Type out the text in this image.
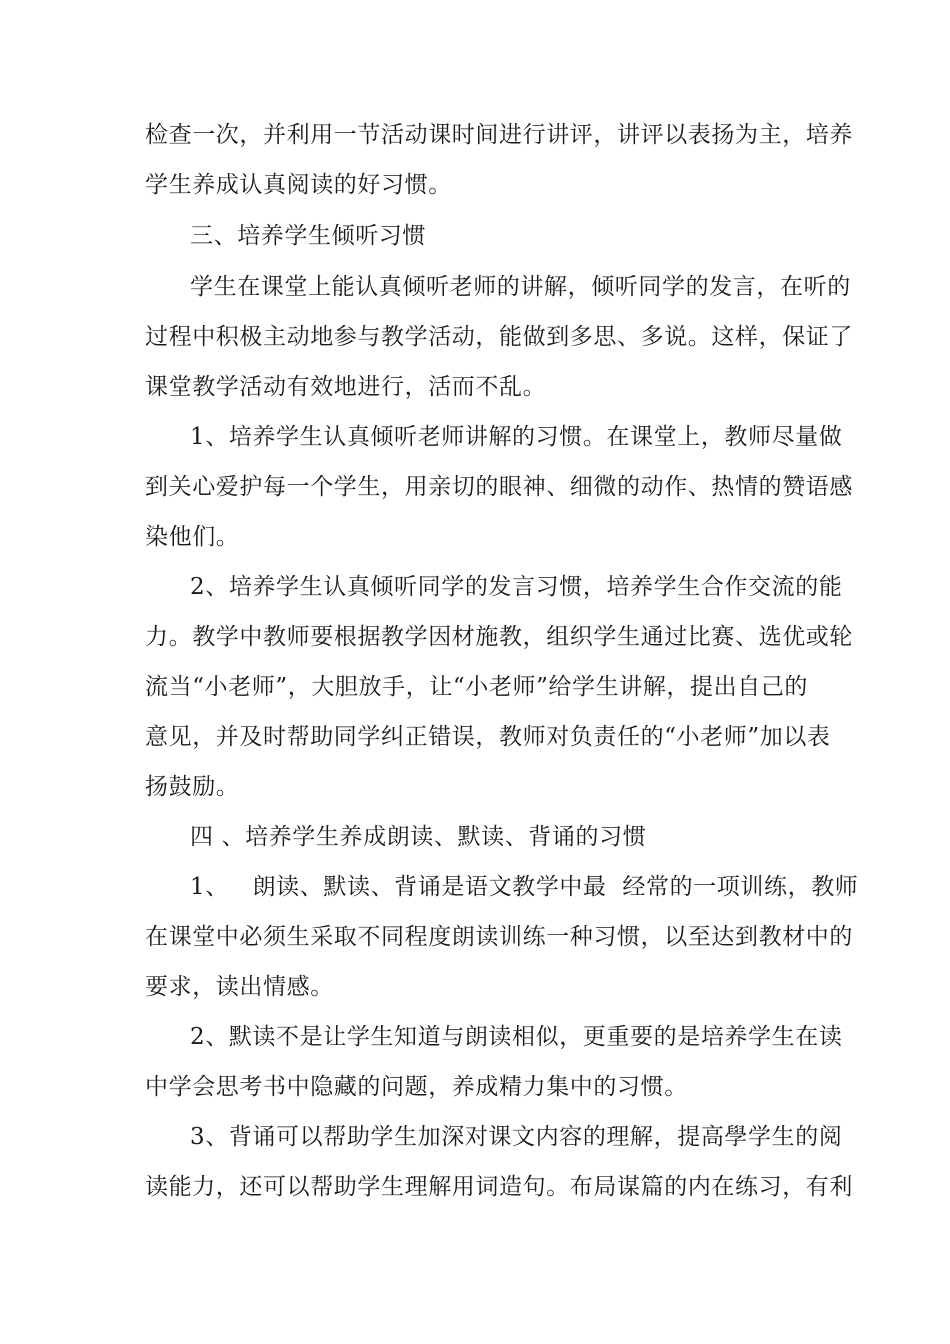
检查一次，并利用一节活动课时间进行讲评，讲评以表扬为主，培养
学生养成认真阅读的好习惯。
三、培养学生倾听习惯
学生在课堂上能认真倾听老师的讲解，倾听同学的发言，在听的
过程中积极主动地参与教学活动，能做到多思、多说。这样，保证了
课堂教学活动有效地进行，活而不乱。
1、培养学生认真倾听老师讲解的习惯。在课堂上，教师尽量做
到关心爱护每一个学生，用亲切的眼神、细微的动作、热情的赞语感
染他们。
2、培养学生认真倾听同学的发言习惯，培养学生合作交流的能
力。教学中教师要根据教学因材施教，组织学生通过比赛、选优或轮
流当“小老师”，大胆放手，让“小老师”给学生讲解，提出自己的
意见，并及时帮助同学纠正错误，教师对负责任的“小老师”加以表
扬鼓励。
四 、培养学生养成朗读、默读、背诵的习惯
1、   朗读、默读、背诵是语文教学中最  经常的一项训练，教师
在课堂中必须生采取不同程度朗读训练一种习惯，以至达到教材中的
要求，读出情感。
2、默读不是让学生知道与朗读相似，更重要的是培养学生在读
中学会思考书中隐藏的问题，养成精力集中的习惯。
3、背诵可以帮助学生加深对课文内容的理解，提高學学生的阅
读能力，还可以帮助学生理解用词造句。布局谋篇的内在练习，有利
